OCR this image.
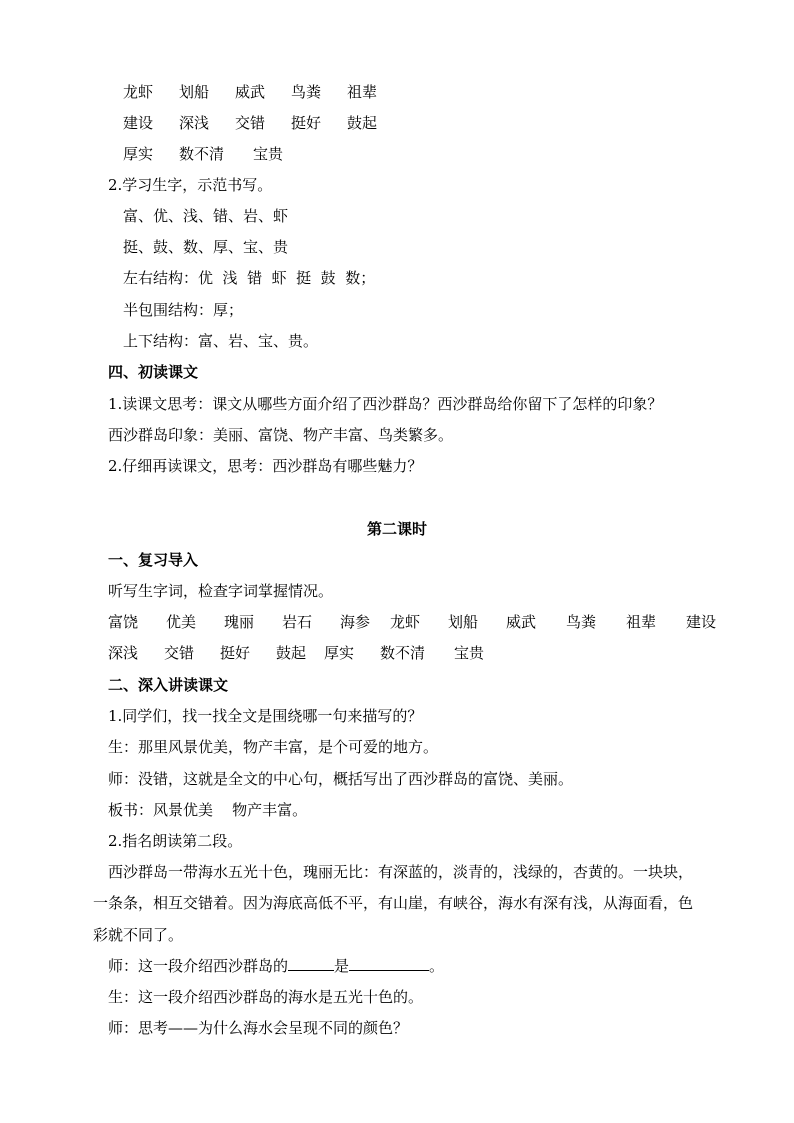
龙虾 划船 威武 鸟粪 祖辈
建设 深浅 交错 挺好 鼓起
厚实 数不清 宝贵
2.学习生字，示范书写。
富、优、浅、错、岩、虾
挺、鼓、数、厚、宝、贵
左右结构：优  浅  错  虾  挺  鼓  数；
半包围结构：厚；
上下结构：富、岩、宝、贵。
四、初读课文
1.读课文思考：课文从哪些方面介绍了西沙群岛？西沙群岛给你留下了怎样的印象？
西沙群岛印象：美丽、富饶、物产丰富、鸟类繁多。
2.仔细再读课文，思考：西沙群岛有哪些魅力？
第二课时
一、复习导入
听写生字词，检查字词掌握情况。
富饶 优美 瑰丽 岩石 海参 龙虾 划船 威武 鸟粪 祖辈 建设
深浅 交错 挺好 鼓起 厚实 数不清 宝贵
二、深入讲读课文
1.同学们，找一找全文是围绕哪一句来描写的？
生：那里风景优美，物产丰富，是个可爱的地方。
师：没错，这就是全文的中心句，概括写出了西沙群岛的富饶、美丽。
板书：风景优美    物产丰富。
2.指名朗读第二段。
西沙群岛一带海水五光十色，瑰丽无比：有深蓝的，淡青的，浅绿的，杏黄的。一块块，
一条条，相互交错着。因为海底高低不平，有山崖，有峡谷，海水有深有浅，从海面看，色
彩就不同了。
师：这一段介绍西沙群岛的	是	。
生：这一段介绍西沙群岛的海水是五光十色的。
师：思考——为什么海水会呈现不同的颜色？
